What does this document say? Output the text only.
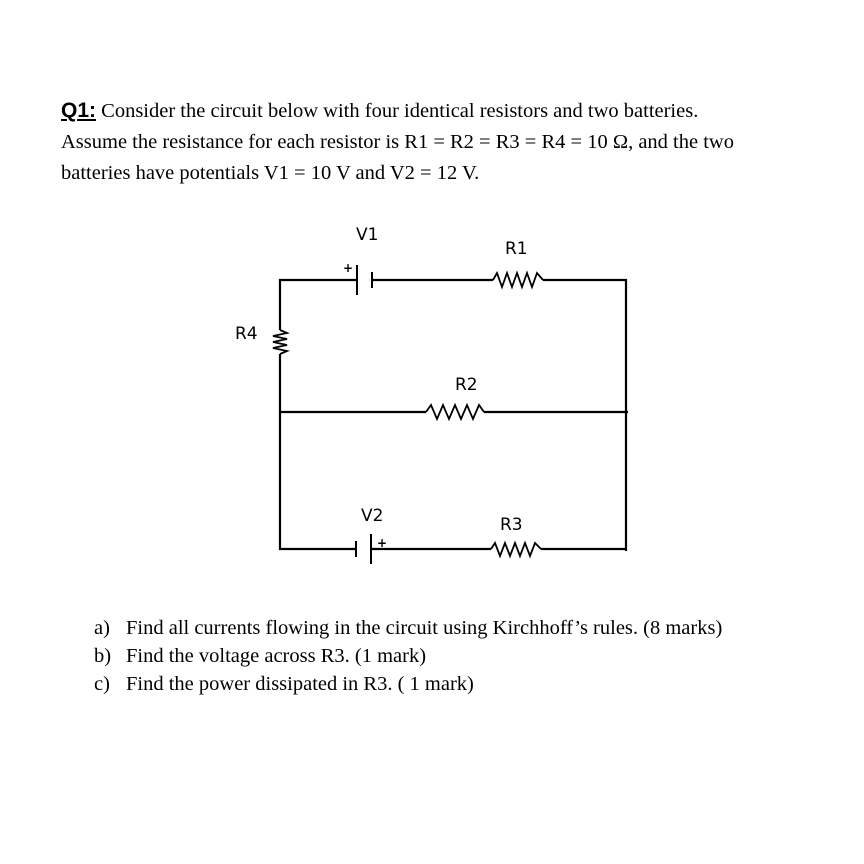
Q1: Consider the circuit below with four identical resistors and two batteries.
Assume the resistance for each resistor is R1 = R2 = R3 = R4 = 10 Ω, and the two
batteries have potentials V1 = 10 V and V2 = 12 V.
+
+
V1
R1
R4
R2
V2	R3
a) Find all currents flowing in the circuit using Kirchhoff’s rules. (8 marks)
b) Find the voltage across R3. (1 mark)
c) Find the power dissipated in R3. ( 1 mark)
